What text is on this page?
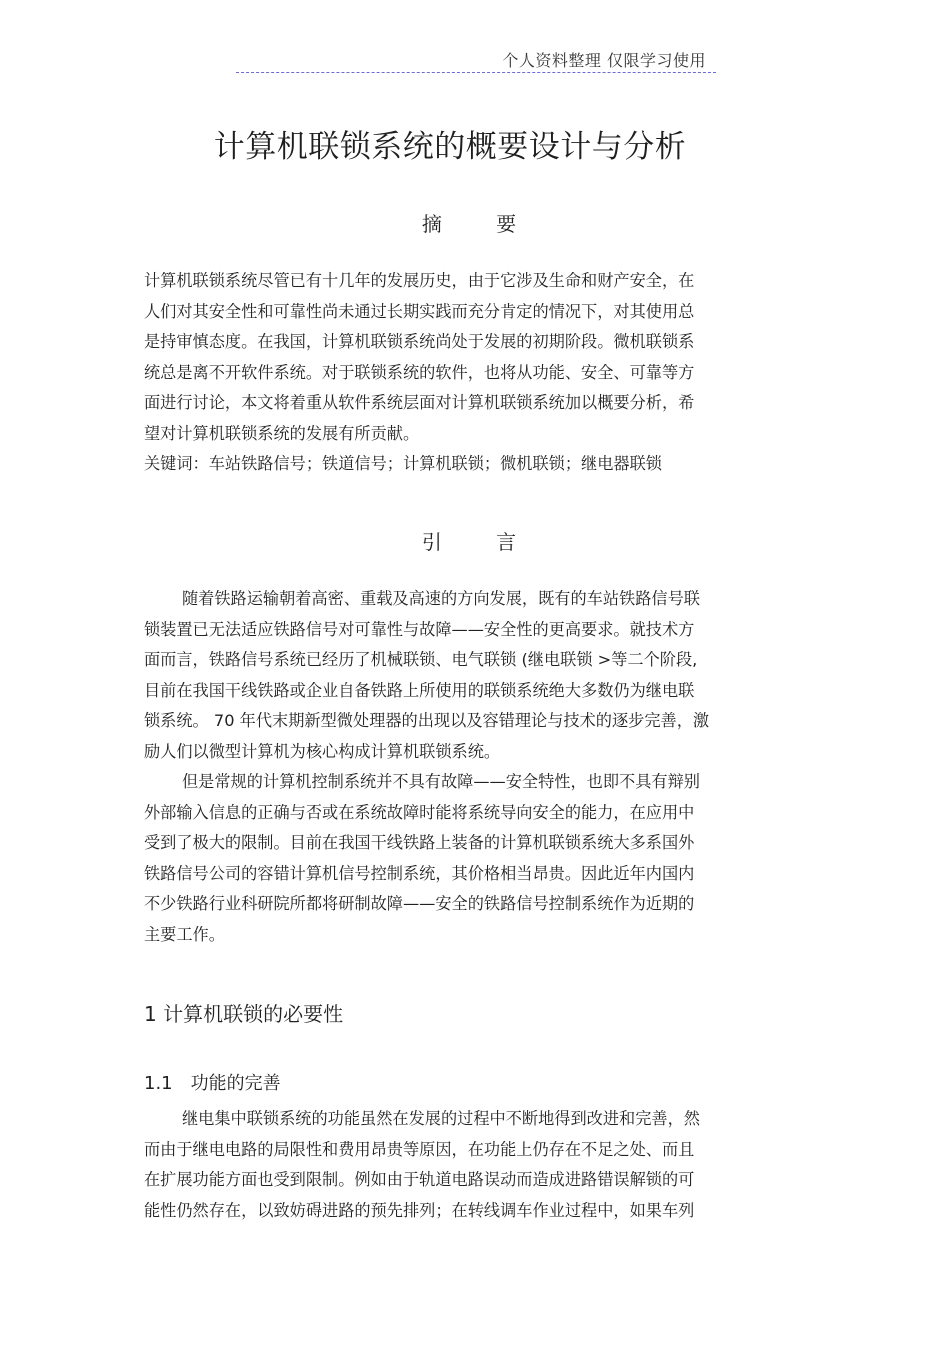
个人资料整理 仅限学习使用
计算机联锁系统的概要设计与分析
摘 要
计算机联锁系统尽管已有十几年的发展历史，由于它涉及生命和财产安全，在
人们对其安全性和可靠性尚未通过长期实践而充分肯定的情况下，对其使用总
是持审慎态度。在我国，计算机联锁系统尚处于发展的初期阶段。微机联锁系
统总是离不开软件系统。对于联锁系统的软件，也将从功能、安全、可靠等方
面进行讨论，本文将着重从软件系统层面对计算机联锁系统加以概要分析，希
望对计算机联锁系统的发展有所贡献。
关键词：车站铁路信号；铁道信号；计算机联锁；微机联锁；继电器联锁
引 言
随着铁路运输朝着高密、重载及高速的方向发展，既有的车站铁路信号联
锁装置已无法适应铁路信号对可靠性与故障——安全性的更高要求。就技术方
面而言，铁路信号系统已经历了机械联锁、电气联锁 (继电联锁 >等二个阶段,
目前在我国干线铁路或企业自备铁路上所使用的联锁系统绝大多数仍为继电联
锁系统。 70 年代末期新型微处理器的出现以及容错理论与技术的逐步完善，激
励人们以微型计算机为核心构成计算机联锁系统。
但是常规的计算机控制系统并不具有故障——安全特性，也即不具有辩别
外部输入信息的正确与否或在系统故障时能将系统导向安全的能力，在应用中
受到了极大的限制。目前在我国干线铁路上装备的计算机联锁系统大多系国外
铁路信号公司的容错计算机信号控制系统，其价格相当昂贵。因此近年内国内
不少铁路行业科研院所都将研制故障——安全的铁路信号控制系统作为近期的
主要工作。
1 计算机联锁的必要性
1.1 功能的完善
继电集中联锁系统的功能虽然在发展的过程中不断地得到改进和完善，然
而由于继电电路的局限性和费用昂贵等原因，在功能上仍存在不足之处、而且
在扩展功能方面也受到限制。例如由于轨道电路误动而造成进路错误解锁的可
能性仍然存在，以致妨碍进路的预先排列；在转线调车作业过程中，如果车列
